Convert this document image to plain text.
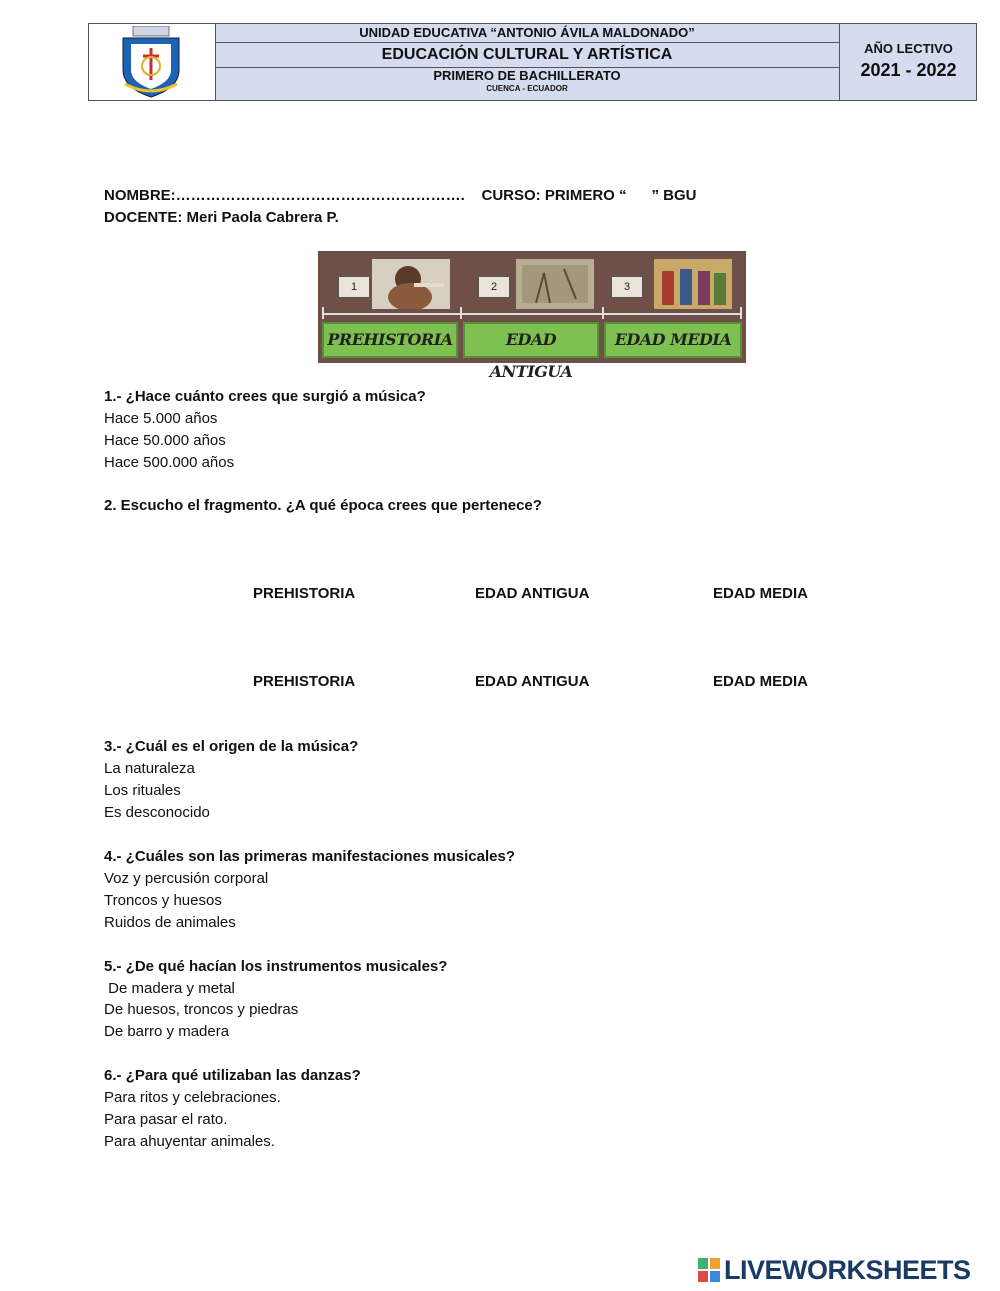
UNIDAD EDUCATIVA “ANTONIO ÁVILA MALDONADO”
EDUCACIÓN CULTURAL Y ARTÍSTICA
PRIMERO DE BACHILLERATO
CUENCA - ECUADOR
AÑO LECTIVO
2021 - 2022
NOMBRE:………………………………………………….    CURSO: PRIMERO “      ” BGU
DOCENTE: Meri Paola Cabrera P.
1	2	3
PREHISTORIA	EDAD ANTIGUA
EDAD MEDIA
1.- ¿Hace cuánto crees que surgió a música?
Hace 5.000 años
Hace 50.000 años
Hace 500.000 años
2. Escucho el fragmento. ¿A qué época crees que pertenece?
PREHISTORIA	EDAD ANTIGUA	EDAD MEDIA
PREHISTORIA	EDAD ANTIGUA	EDAD MEDIA
3.- ¿Cuál es el origen de la música?
La naturaleza
Los rituales
Es desconocido
4.- ¿Cuáles son las primeras manifestaciones musicales?
Voz y percusión corporal
Troncos y huesos
Ruidos de animales
5.- ¿De qué hacían los instrumentos musicales?
De madera y metal
De huesos, troncos y piedras
De barro y madera
6.- ¿Para qué utilizaban las danzas?
Para ritos y celebraciones.
Para pasar el rato.
Para ahuyentar animales.
LIVEWORKSHEETS
